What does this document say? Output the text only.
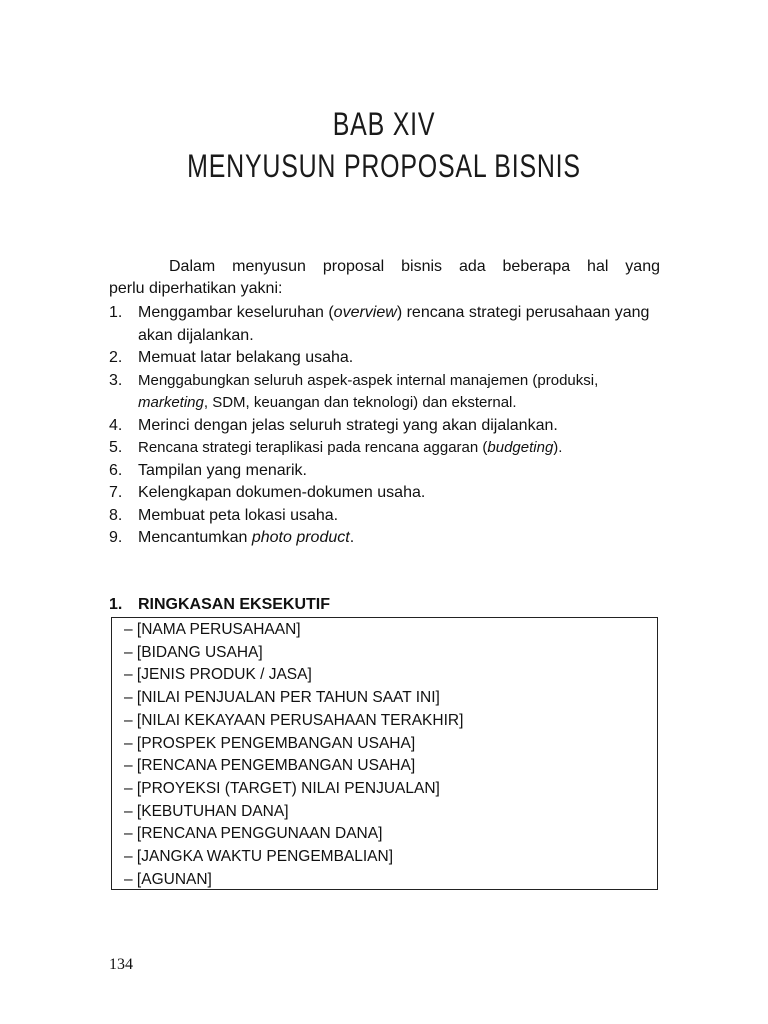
BAB XIV
MENYUSUN PROPOSAL BISNIS
Dalam menyusun proposal bisnis ada beberapa hal yang
perlu diperhatikan yakni:
1. Menggambar keseluruhan (overview) rencana strategi perusahaan yang akan dijalankan.
2. Memuat latar belakang usaha.
3.	Menggabungkan seluruh aspek-aspek internal manajemen (produksi, marketing, SDM, keuangan dan teknologi) dan eksternal.
4. Merinci dengan jelas seluruh strategi yang akan dijalankan.
5.	Rencana strategi teraplikasi pada rencana aggaran (budgeting).
6. Tampilan yang menarik.
7. Kelengkapan dokumen-dokumen usaha.
8. Membuat peta lokasi usaha.
9. Mencantumkan photo product.
1. RINGKASAN EKSEKUTIF
– [NAMA PERUSAHAAN]
– [BIDANG USAHA]
– [JENIS PRODUK / JASA]
– [NILAI PENJUALAN PER TAHUN SAAT INI]
– [NILAI KEKAYAAN PERUSAHAAN TERAKHIR]
– [PROSPEK PENGEMBANGAN USAHA]
– [RENCANA PENGEMBANGAN USAHA]
– [PROYEKSI (TARGET) NILAI PENJUALAN]
– [KEBUTUHAN DANA]
– [RENCANA PENGGUNAAN DANA]
– [JANGKA WAKTU PENGEMBALIAN]
– [AGUNAN]
134
